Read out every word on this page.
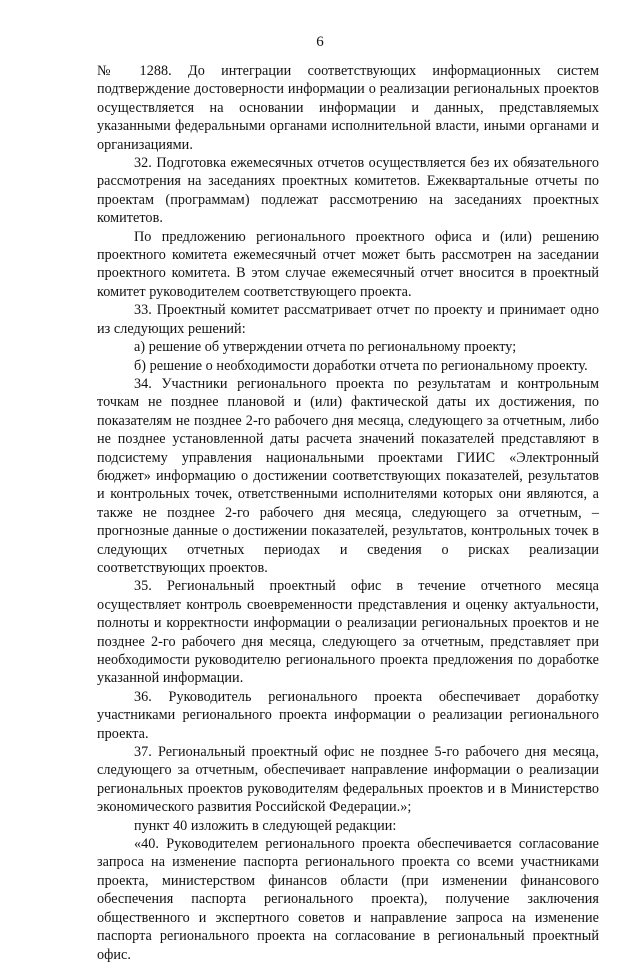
6

№ 1288. До интеграции соответствующих информационных систем подтверждение достоверности информации о реализации региональных проектов осуществляется на основании информации и данных, представляемых указанными федеральными органами исполнительной власти, иными органами и организациями.

32. Подготовка ежемесячных отчетов осуществляется без их обязательного рассмотрения на заседаниях проектных комитетов. Ежеквартальные отчеты по проектам (программам) подлежат рассмотрению на заседаниях проектных комитетов.

По предложению регионального проектного офиса и (или) решению проектного комитета ежемесячный отчет может быть рассмотрен на заседании проектного комитета. В этом случае ежемесячный отчет вносится в проектный комитет руководителем соответствующего проекта.

33. Проектный комитет рассматривает отчет по проекту и принимает одно из следующих решений:

а) решение об утверждении отчета по региональному проекту;

б) решение о необходимости доработки отчета по региональному проекту.

34. Участники регионального проекта по результатам и контрольным точкам не позднее плановой и (или) фактической даты их достижения, по показателям не позднее 2-го рабочего дня месяца, следующего за отчетным, либо не позднее установленной даты расчета значений показателей представляют в подсистему управления национальными проектами ГИИС «Электронный бюджет» информацию о достижении соответствующих показателей, результатов и контрольных точек, ответственными исполнителями которых они являются, а также не позднее 2-го рабочего дня месяца, следующего за отчетным, – прогнозные данные о достижении показателей, результатов, контрольных точек в следующих отчетных периодах и сведения о рисках реализации соответствующих проектов.

35. Региональный проектный офис в течение отчетного месяца осуществляет контроль своевременности представления и оценку актуальности, полноты и корректности информации о реализации региональных проектов и не позднее 2-го рабочего дня месяца, следующего за отчетным, представляет при необходимости руководителю регионального проекта предложения по доработке указанной информации.

36. Руководитель регионального проекта обеспечивает доработку участниками регионального проекта информации о реализации регионального проекта.

37. Региональный проектный офис не позднее 5-го рабочего дня месяца, следующего за отчетным, обеспечивает направление информации о реализации региональных проектов руководителям федеральных проектов и в Министерство экономического развития Российской Федерации.»;

пункт 40 изложить в следующей редакции:

«40. Руководителем регионального проекта обеспечивается согласование запроса на изменение паспорта регионального проекта со всеми участниками проекта, министерством финансов области (при изменении финансового обеспечения паспорта регионального проекта), получение заключения общественного и экспертного советов и направление запроса на изменение паспорта регионального проекта на согласование в региональный проектный офис.
